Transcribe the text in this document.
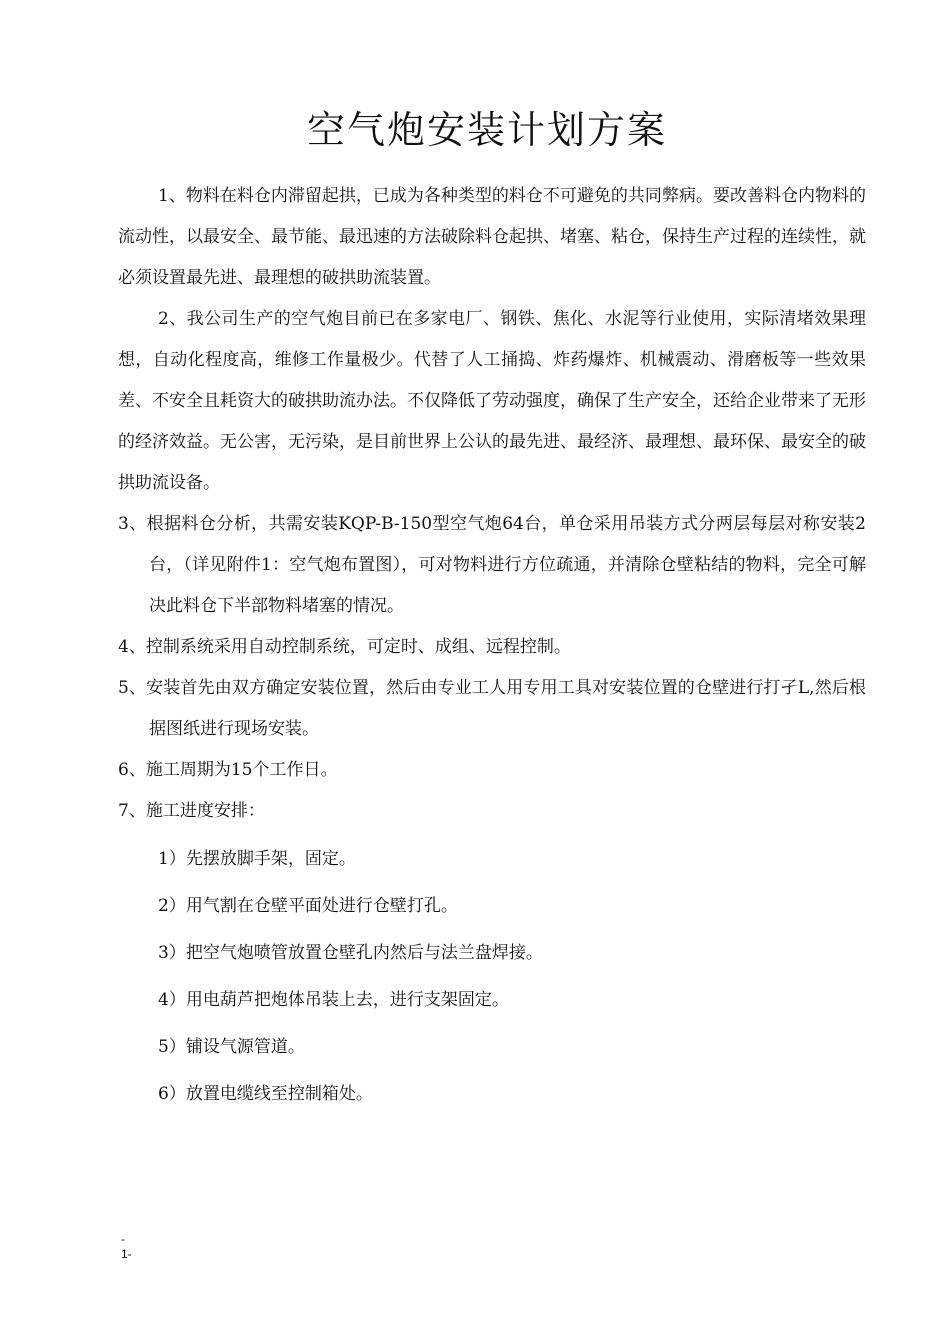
空气炮安装计划方案

1、物料在料仓内滞留起拱，已成为各种类型的料仓不可避免的共同弊病。要改善料仓内物料的流动性，以最安全、最节能、最迅速的方法破除料仓起拱、堵塞、粘仓，保持生产过程的连续性，就必须设置最先进、最理想的破拱助流装置。

2、我公司生产的空气炮目前已在多家电厂、钢铁、焦化、水泥等行业使用，实际清堵效果理想，自动化程度高，维修工作量极少。代替了人工捅捣、炸药爆炸、机械震动、滑磨板等一些效果差、不安全且耗资大的破拱助流办法。不仅降低了劳动强度，确保了生产安全，还给企业带来了无形的经济效益。无公害，无污染，是目前世界上公认的最先进、最经济、最理想、最环保、最安全的破拱助流设备。

3、根据料仓分析，共需安装KQP-B-150型空气炮64台，单仓采用吊装方式分两层每层对称安装2台，（详见附件1：空气炮布置图），可对物料进行方位疏通，并清除仓壁粘结的物料，完全可解决此料仓下半部物料堵塞的情况。

4、控制系统采用自动控制系统，可定时、成组、远程控制。

5、安装首先由双方确定安装位置，然后由专业工人用专用工具对安装位置的仓壁进行打孑L,然后根据图纸进行现场安装。

6、施工周期为15个工作日。

7、施工进度安排：

1）先摆放脚手架，固定。

2）用气割在仓壁平面处进行仓壁打孔。

3）把空气炮喷管放置仓壁孔内然后与法兰盘焊接。

4）用电葫芦把炮体吊装上去，进行支架固定。

5）铺设气源管道。

6）放置电缆线至控制箱处。

-
1-
